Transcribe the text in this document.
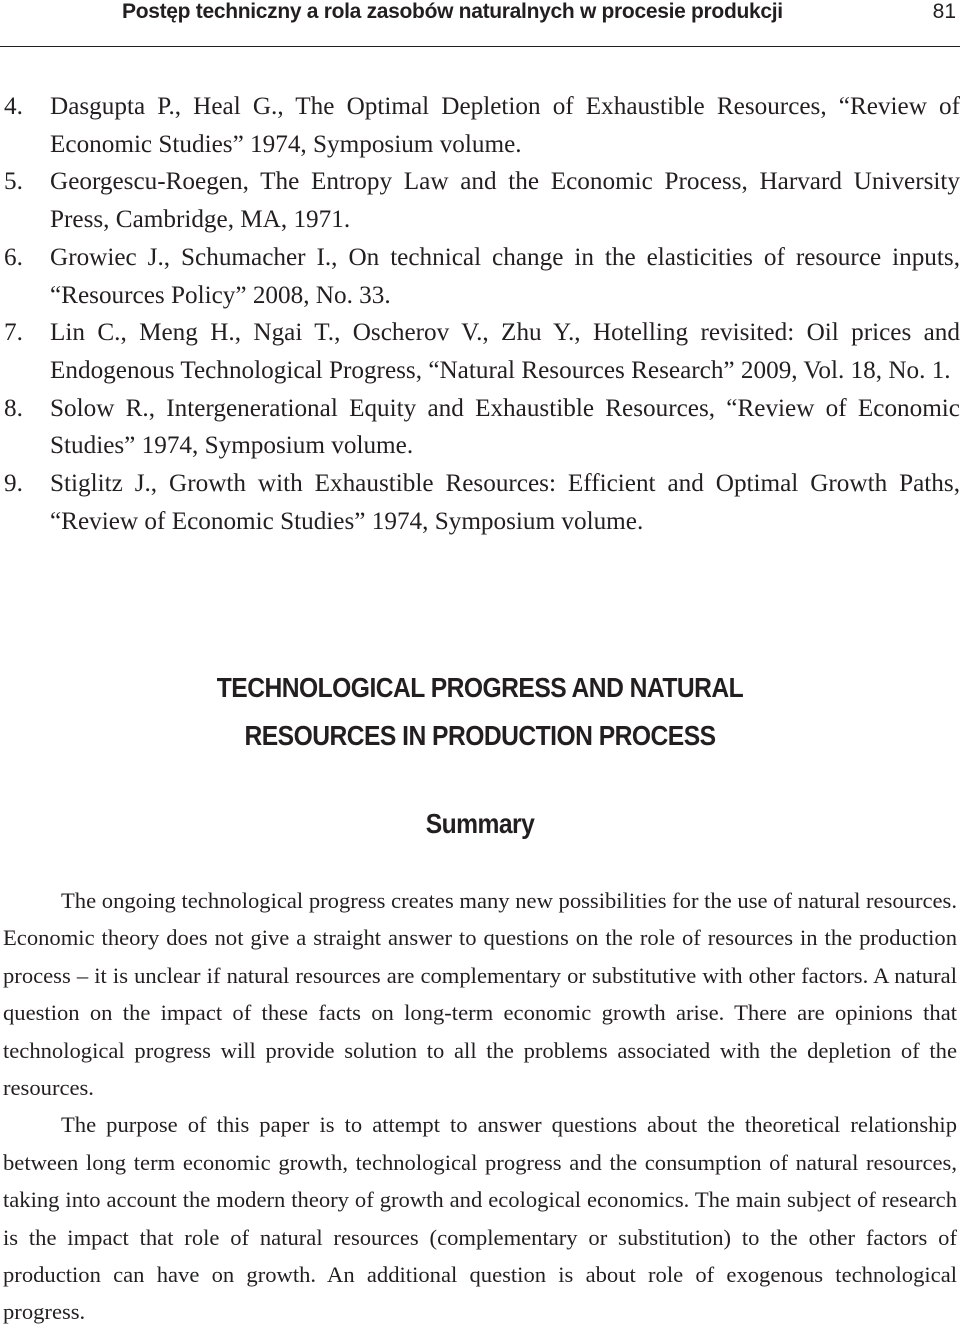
Postęp techniczny a rola zasobów naturalnych w procesie produkcji	81
4.	Dasgupta P., Heal G., The Optimal Depletion of Exhaustible Resources, “Review of Economic Studies” 1974, Symposium volume.
5.	Georgescu-Roegen, The Entropy Law and the Economic Process, Harvard University Press, Cambridge, MA, 1971.
6.	Growiec J., Schumacher I., On technical change in the elasticities of resource inputs, “Resources Policy” 2008, No. 33.
7.	Lin C., Meng H., Ngai T., Oscherov V., Zhu Y., Hotelling revisited: Oil prices and Endogenous Technological Progress, “Natural Resources Research” 2009, Vol. 18, No. 1.
8.	Solow R., Intergenerational Equity and Exhaustible Resources, “Review of Economic Studies” 1974, Symposium volume.
9.	Stiglitz J., Growth with Exhaustible Resources: Efficient and Optimal Growth Paths, “Review of Economic Studies” 1974, Symposium volume.
TECHNOLOGICAL PROGRESS AND NATURAL
RESOURCES IN PRODUCTION PROCESS
Summary

The ongoing technological progress creates many new possibilities for the use of natural resources. Economic theory does not give a straight answer to questions on the role of resources in the production process – it is unclear if natural resources are complementary or substitutive with other factors. A natural question on the impact of these facts on long-term economic growth arise. There are opinions that technological progress will provide solution to all the problems associated with the depletion of the resources.

The purpose of this paper is to attempt to answer questions about the theoretical relationship between long term economic growth, technological progress and the consumption of natural resources, taking into account the modern theory of growth and ecological economics. The main subject of research is the impact that role of natural resources (complementary or substitution) to the other factors of production can have on growth. An additional question is about role of exogenous technological progress.
